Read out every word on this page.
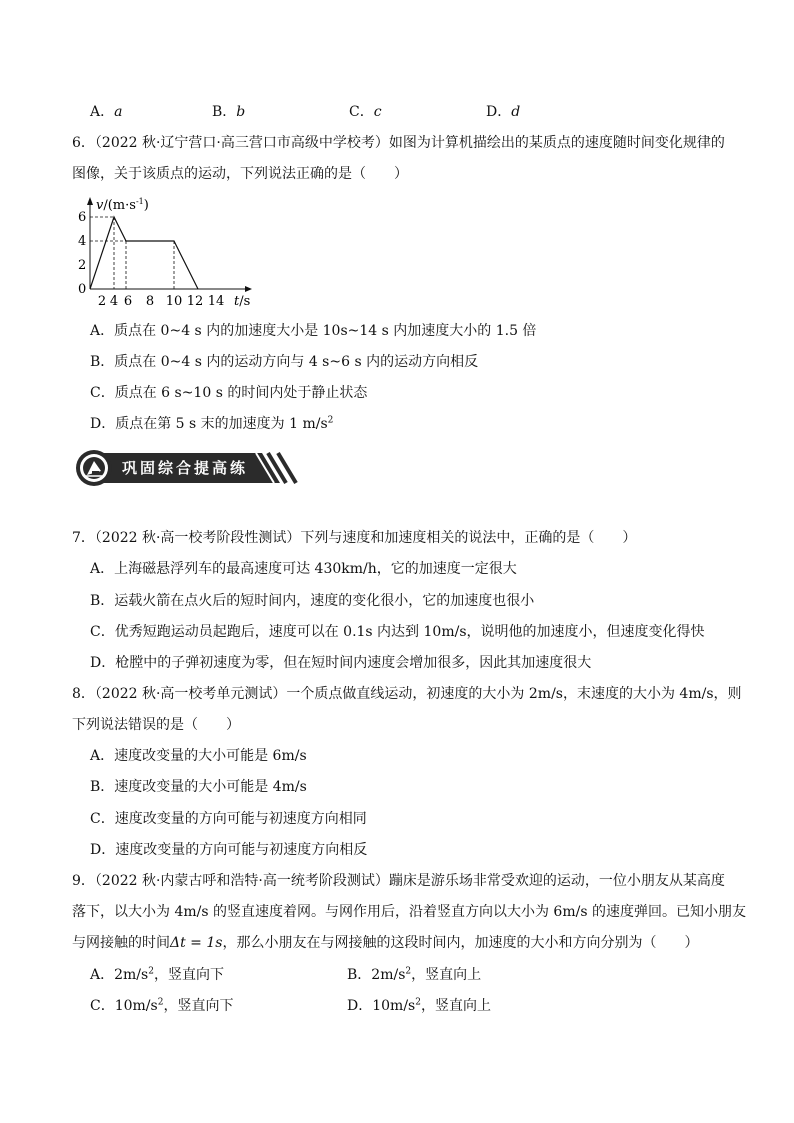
A．a	B．b	C．c	D．d
6．（2022 秋·辽宁营口·高三营口市高级中学校考）如图为计算机描绘出的某质点的速度随时间变化规律的
图像，关于该质点的运动，下列说法正确的是（　　）
0
2
4
6
2 4 6 8 10 12 14
$v/(m\cdot s^{-1})$
t/s
A．质点在 0~4 s 内的加速度大小是 10s~14 s 内加速度大小的 1.5 倍
B．质点在 0~4 s 内的运动方向与 4 s~6 s 内的运动方向相反
C．质点在 6 s~10 s 的时间内处于静止状态
D．质点在第 5 s 末的加速度为 1 $m/s^2$
巩固综合提高练
7．（2022 秋·高一校考阶段性测试）下列与速度和加速度相关的说法中，正确的是（　　）
A．上海磁悬浮列车的最高速度可达 430km/h，它的加速度一定很大
B．运载火箭在点火后的短时间内，速度的变化很小，它的加速度也很小
C．优秀短跑运动员起跑后，速度可以在 0.1s 内达到 10m/s，说明他的加速度小，但速度变化得快
D．枪膛中的子弹初速度为零，但在短时间内速度会增加很多，因此其加速度很大
8．（2022 秋·高一校考单元测试）一个质点做直线运动，初速度的大小为 2m/s，末速度的大小为 4m/s，则
下列说法错误的是（　　）
A．速度改变量的大小可能是 6m/s
B．速度改变量的大小可能是 4m/s
C．速度改变量的方向可能与初速度方向相同
D．速度改变量的方向可能与初速度方向相反
9．（2022 秋·内蒙古呼和浩特·高一统考阶段测试）蹦床是游乐场非常受欢迎的运动，一位小朋友从某高度
落下，以大小为 4m/s 的竖直速度着网。与网作用后，沿着竖直方向以大小为 6m/s 的速度弹回。已知小朋友
与网接触的时间Δt = 1s，那么小朋友在与网接触的这段时间内，加速度的大小和方向分别为（　　）
A．$2m/s^2$，竖直向下	B．$2m/s^2$，竖直向上
C．$10m/s^2$，竖直向下	D．$10m/s^2$，竖直向上
